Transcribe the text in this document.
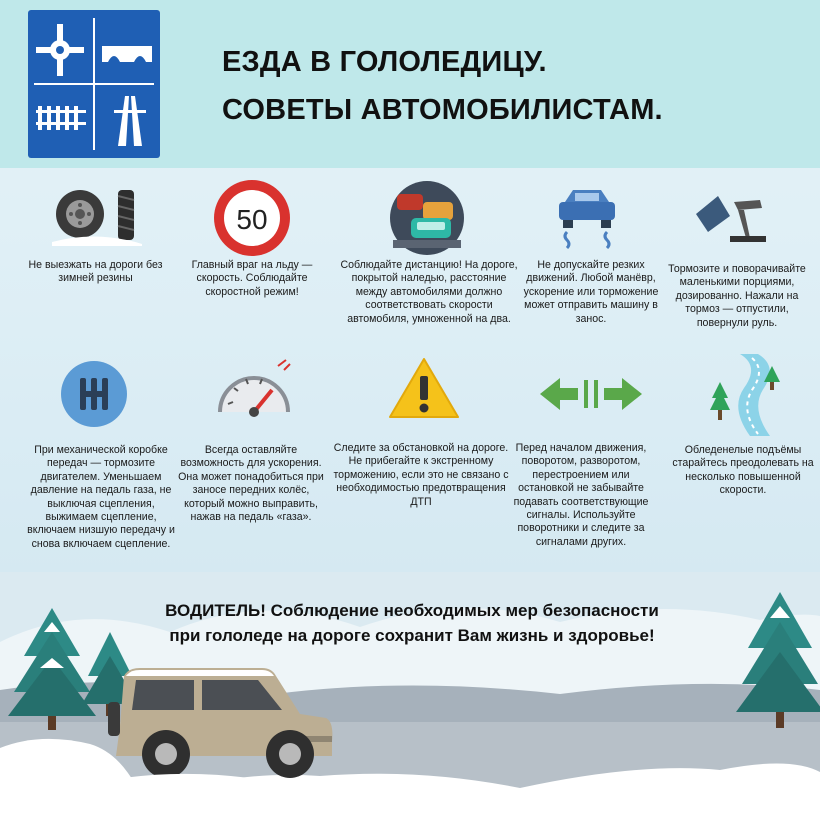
ЕЗДА В ГОЛОЛЕДИЦУ.
СОВЕТЫ АВТОМОБИЛИСТАМ.
50
Не выезжать на дороги без зимней резины
Главный враг на льду — скорость. Соблюдайте скоростной режим!
Соблюдайте дистанцию! На дороге, покрытой наледью, расстояние между автомобилями должно соответствовать скорости автомобиля, умноженной на два.
Не допускайте резких движений. Любой манёвр, ускорение или торможение может отправить машину в занос.
Тормозите и поворачивайте маленькими порциями, дозированно. Нажали на тормоз — отпустили, повернули руль.
При механической коробке передач — тормозите двигателем. Уменьшаем давление на педаль газа, не выключая сцепления, выжимаем сцепление, включаем низшую передачу и снова включаем сцепление.
Всегда оставляйте возможность для ускорения. Она может понадобиться при заносе передних колёс, который можно выправить, нажав на педаль «газа».
Следите за обстановкой на дороге. Не прибегайте к экстренному торможению, если это не связано с необходимостью предотвращения ДТП
Перед началом движения, поворотом, разворотом, перестроением или остановкой не забывайте подавать соответствующие сигналы. Используйте поворотники и следите за сигналами других.
Обледенелые подъёмы старайтесь преодолевать на несколько повышенной скорости.
ВОДИТЕЛЬ! Соблюдение необходимых мер безопасности
при гололеде на дороге сохранит Вам жизнь и здоровье!
